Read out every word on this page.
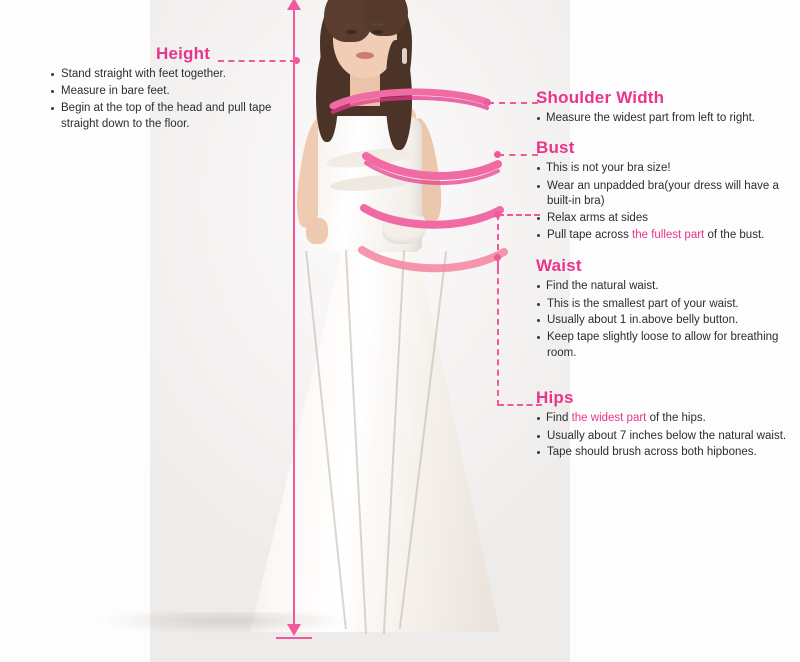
Height
Stand straight with feet together.
Measure in bare feet.
Begin at the top of the head and pull tape straight down to the floor.
Shoulder Width

Measure the widest part from left to right.

Bust

This is not your bra size!

Wear an unpadded bra(your dress will have a built-in bra)
Relax arms at sides
Pull tape across the fullest part of the bust.
Waist

Find the natural waist.

This is the smallest part of your waist.
Usually about 1 in.above belly button.
Keep tape slightly loose to allow for breathing room.
Hips

Find the widest part of the hips.

Usually about 7 inches below the natural waist.
Tape should brush across both hipbones.
